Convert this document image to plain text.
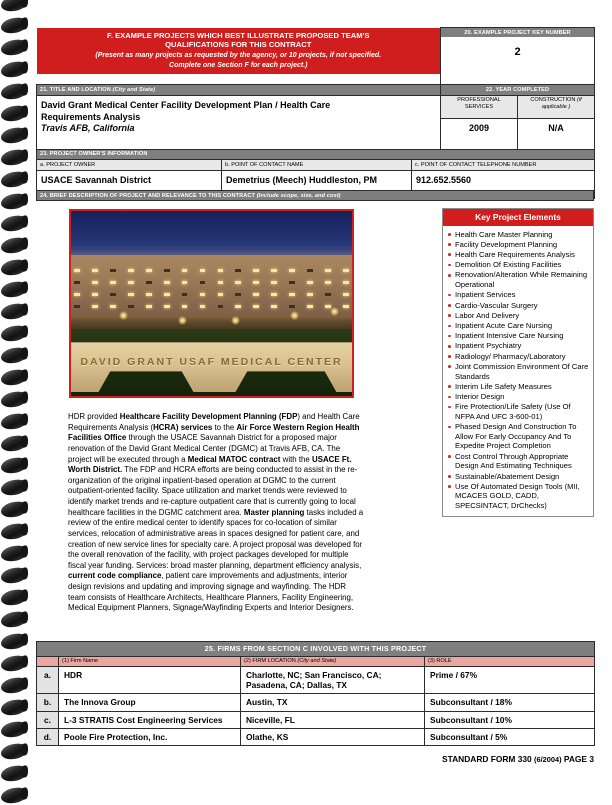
F. EXAMPLE PROJECTS WHICH BEST ILLUSTRATE PROPOSED TEAM'S
QUALIFICATIONS FOR THIS CONTRACT
(Present as many projects as requested by the agency, or 10 projects, if not specified.
Complete one Section F for each project.)

20. EXAMPLE PROJECT KEY NUMBER
2

21. TITLE AND LOCATION (City and State)	22. YEAR COMPLETED	

David Grant Medical Center Facility Development Plan / Health Care
Requirements Analysis
Travis AFB, California	PROFESSIONAL SERVICES	CONSTRUCTION (if applicable )
	2009	N/A
23. PROJECT OWNER'S INFORMATION		
a. PROJECT OWNER	b. POINT OF CONTACT NAME	c. POINT OF CONTACT TELEPHONE NUMBER
USACE Savannah District	Demetrius (Meech) Huddleston, PM	912.652.5560
24. BRIEF DESCRIPTION OF PROJECT AND RELEVANCE TO THIS CONTRACT (Include scope, size, and cost)
DAVID GRANT USAF MEDICAL CENTER
Key Project Elements
Health Care Master Planning
Facility Development Planning
Health Care Requirements Analysis
Demolition Of Existing Facilities
Renovation/Alteration While Remaining Operational
Inpatient Services
Cardio-Vascular Surgery
Labor And Delivery
Inpatient Acute Care Nursing
Inpatient Intensive Care Nursing
Inpatient Psychiatry
Radiology/ Pharmacy/Laboratory
Joint Commission Environment Of Care Standards
Interim Life Safety Measures
Interior Design
Fire Protection/Life Safety (Use Of NFPA And UFC 3-600-01)
Phased Design And Construction To Allow For Early Occupancy And To Expedite Project Completion
Cost Control Through Appropriate Design And Estimating Techniques
Sustainable/Abatement Design
Use Of Automated Design Tools (MII, MCACES GOLD, CADD, SPECSINTACT, DrChecks)
HDR provided Healthcare Facility Development Planning (FDP) and Health Care Requirements Analysis (HCRA) services to the Air Force Western Region Health Facilities Office through the USACE Savannah District for a proposed major renovation of the David Grant Medical Center (DGMC) at Travis AFB, CA. The project will be executed through a Medical MATOC contract with the USACE Ft. Worth District. The FDP and HCRA efforts are being conducted to assist in the re-organization of the original inpatient-based operation at DGMC to the current outpatient-oriented facility. Space utilization and market trends were reviewed to identify market trends and re-capture outpatient care that is currently going to local healthcare facilities in the DGMC catchment area. Master planning tasks included a review of the entire medical center to identify spaces for co-location of similar services, relocation of administrative areas in spaces designed for patient care, and creation of new service lines for specialty care. A project proposal was developed for the overall renovation of the facility, with project packages developed for multiple fiscal year funding. Services: broad master planning, department efficiency analysis, current code compliance, patient care improvements and adjustments, interior design revisions and updating and improving signage and wayfinding. The HDR team consists of Healthcare Architects, Healthcare Planners, Facility Engineering, Medical Equipment Planners, Signage/Wayfinding Experts and Interior Designers.
25. FIRMS FROM SECTION C INVOLVED WITH THIS PROJECT			

	(1) Firm Name	(2) FIRM LOCATION (City and State)	(3) ROLE
a.	HDR	Charlotte, NC; San Francisco, CA; Pasadena, CA; Dallas, TX	Prime / 67%
b.	The Innova Group	Austin, TX	Subconsultant / 18%
c.	L-3 STRATIS Cost Engineering Services	Niceville, FL	Subconsultant / 10%
d.	Poole Fire Protection, Inc.	Olathe, KS	Subconsultant / 5%
STANDARD FORM 330 (6/2004) PAGE 3
